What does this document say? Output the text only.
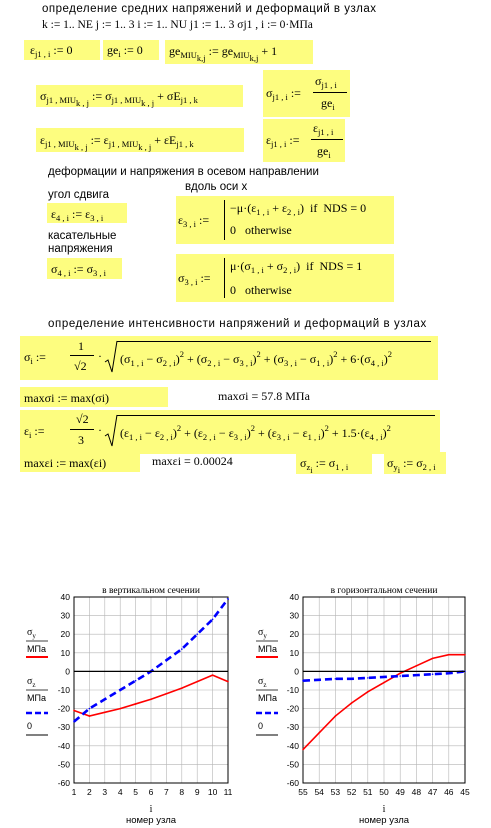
определение средних напряжений и деформаций в узлах
k := 1.. NE j := 1.. 3 i := 1.. NU j1 := 1.. 3 σj1 , i := 0·МПа
$\varepsilon_{j1 , i}$ := 0	$ge_i$ := 0 $ge_{MIU_{k,j}}$ := $ge_{MIU_{k,j}} + 1$
$\sigma_{j1 , MIU_{k , j}}$ := $\sigma_{j1 , MIU_{k , j}} + \sigma E_{j1 , k}$	$\sigma_{j1 , i}$ :=
$\sigma_{j1 , i}$
$ge_i$
$\varepsilon_{j1 , MIU_{k , j}}$ := $\varepsilon_{j1 , MIU_{k , j}} + \varepsilon E_{j1 , k}$	$\varepsilon_{j1 , i}$ :=
$\varepsilon_{j1 , i}$
$ge_i$
деформации и напряжения в осевом направлении
вдоль оси x
угол сдвига
$\varepsilon_{4 , i}$ := $\varepsilon_{3 , i}$	$\varepsilon_{3 , i}$ :=
$-\mu\cdot(\varepsilon_{1 , i} + \varepsilon_{2 , i})$  if  NDS = 0
0   otherwise
касательные
напряжения
$\sigma_{4 , i}$ := $\sigma_{3 , i}$	$\sigma_{3 , i}$ :=
$\mu\cdot(\sigma_{1 , i} + \sigma_{2 , i})$  if  NDS = 1
0   otherwise
определение интенсивности напряжений и деформаций в узлах
$\sigma_i$ :=
1
√2
· $(\sigma_{1 , i} - \sigma_{2 , i})^2 + (\sigma_{2 , i} - \sigma_{3 , i})^2 + (\sigma_{3 , i} - \sigma_{1 , i})^2 + 6\cdot(\sigma_{4 , i})^2$
maxσi := max(σi)	maxσi = 57.8 МПа
$\varepsilon_i$ :=
√2
3
· $(\varepsilon_{1 , i} - \varepsilon_{2 , i})^2 + (\varepsilon_{2 , i} - \varepsilon_{3 , i})^2 + (\varepsilon_{3 , i} - \varepsilon_{1 , i})^2 + 1.5\cdot(\varepsilon_{4 , i})^2$
maxεi := max(εi)	maxεi = 0.00024	$\sigma_{z_i}$ := $\sigma_{1 , i}$	$\sigma_{y_i}$ := $\sigma_{2 , i}$
$\sigma_y$
МПа
$\sigma_z$
МПа
0
$\sigma_y$
МПа
$\sigma_z$
МПа
0
1 2 3 4 5 6 7 8 9 10 11
-60
-50
-40
-30
-20
-10
0
10
20
30
40
в вертикальном сечении
i
номер узла
55 54 53 52 51 50 49 48 47 46 45
-60
-50
-40
-30
-20
-10
0
10
20
30
40
в горизонтальном сечении
i
номер узла
